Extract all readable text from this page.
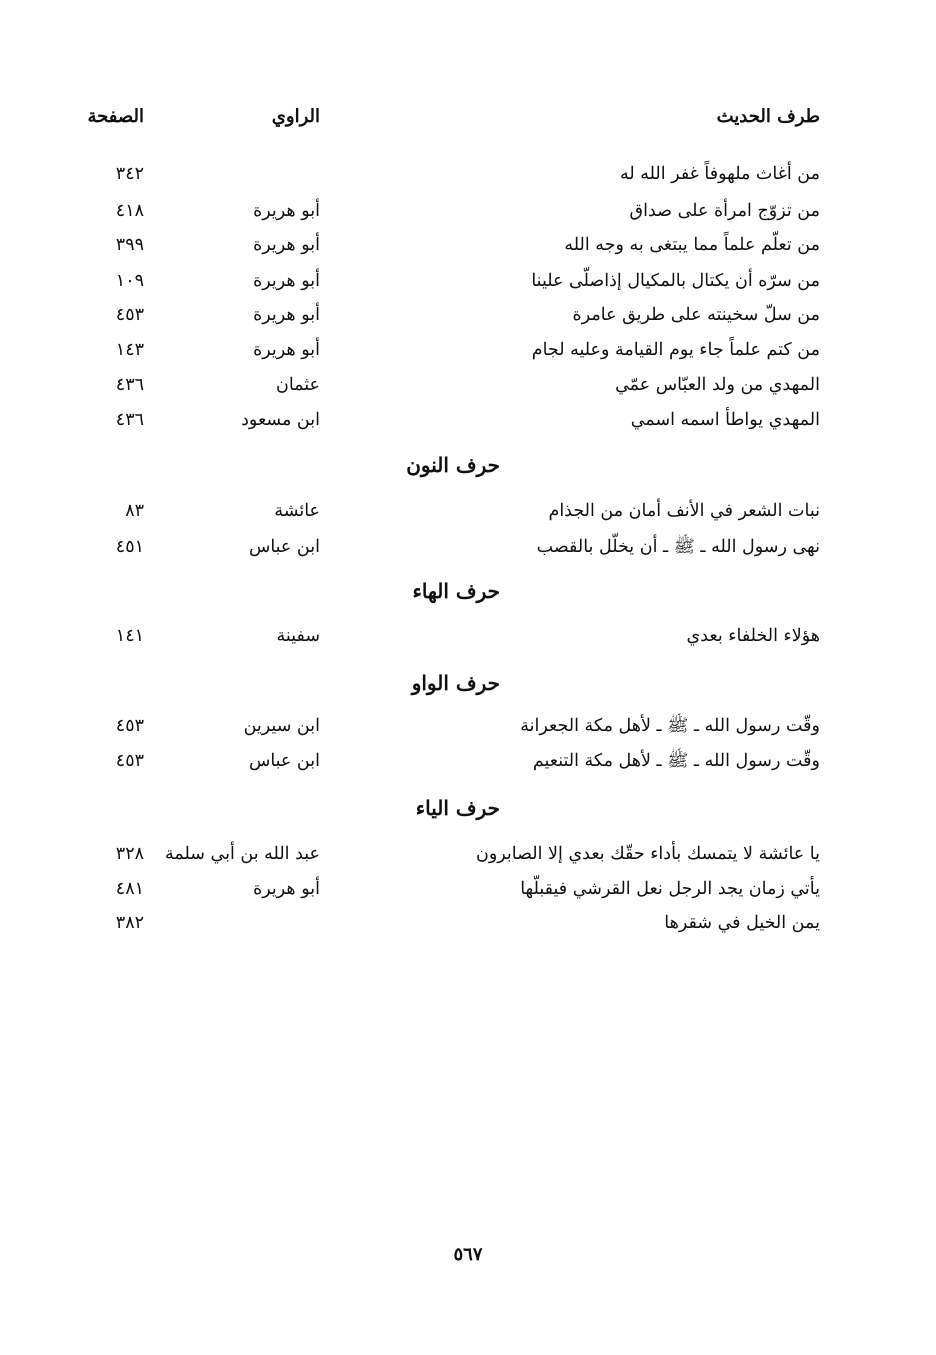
طرف الحديث
الراوي
الصفحة
من أغاث ملهوفاً غفر الله له
٣٤٢
من تزوّج امرأة على صداق
أبو هريرة
٤١٨
من تعلّم علماً مما يبتغى به وجه الله
أبو هريرة
٣٩٩
من سرّه أن يكتال بالمكيال إذاصلّى علينا
أبو هريرة
١٠٩
من سلّ سخينته على طريق عامرة
أبو هريرة
٤٥٣
من كتم علماً جاء يوم القيامة وعليه لجام
أبو هريرة
١٤٣
المهدي من ولد العبّاس عمّي
عثمان
٤٣٦
المهدي يواطأ اسمه اسمي
ابن مسعود
٤٣٦
حرف النون
نبات الشعر في الأنف أمان من الجذام
عائشة
٨٣
نهى رسول الله ـ ﷺ ـ أن يخلّل بالقصب
ابن عباس
٤٥١
حرف الهاء
هؤلاء الخلفاء بعدي
سفينة
١٤١
حرف الواو
وقّت رسول الله ـ ﷺ ـ لأهل مكة الجعرانة
ابن سيرين
٤٥٣
وقّت رسول الله ـ ﷺ ـ لأهل مكة التنعيم
ابن عباس
٤٥٣
حرف الياء
يا عائشة لا يتمسك بأداء حقّك بعدي إلا الصابرون
عبد الله بن أبي سلمة
٣٢٨
يأتي زمان يجد الرجل نعل القرشي فيقبلّها
أبو هريرة
٤٨١
يمن الخيل في شقرها
٣٨٢
٥٦٧
